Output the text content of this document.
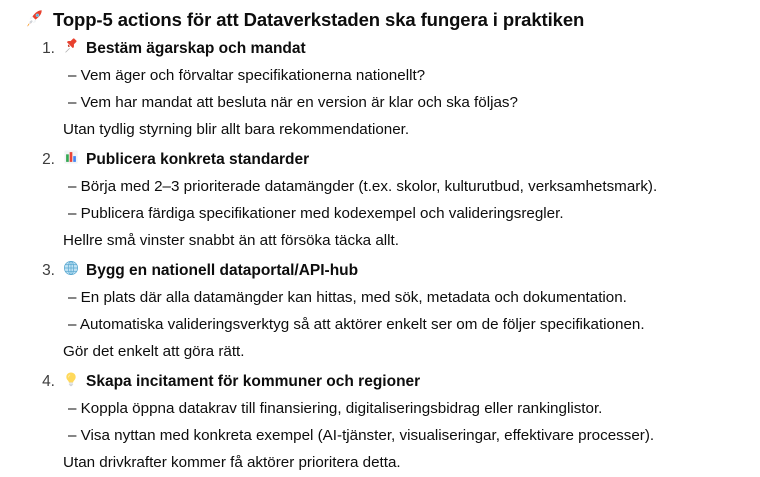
Topp-5 actions för att Dataverkstaden ska fungera i praktiken
1. Bestäm ägarskap och mandat
– Vem äger och förvaltar specifikationerna nationellt?
– Vem har mandat att besluta när en version är klar och ska följas?
Utan tydlig styrning blir allt bara rekommendationer.
2. Publicera konkreta standarder
– Börja med 2–3 prioriterade datamängder (t.ex. skolor, kulturutbud, verksamhetsmark).
– Publicera färdiga specifikationer med kodexempel och valideringsregler.
Hellre små vinster snabbt än att försöka täcka allt.
3. Bygg en nationell dataportal/API-hub
– En plats där alla datamängder kan hittas, med sök, metadata och dokumentation.
– Automatiska valideringsverktyg så att aktörer enkelt ser om de följer specifikationen.
Gör det enkelt att göra rätt.
4. Skapa incitament för kommuner och regioner
– Koppla öppna datakrav till finansiering, digitaliseringsbidrag eller rankinglistor.
– Visa nyttan med konkreta exempel (AI-tjänster, visualiseringar, effektivare processer).
Utan drivkrafter kommer få aktörer prioritera detta.
